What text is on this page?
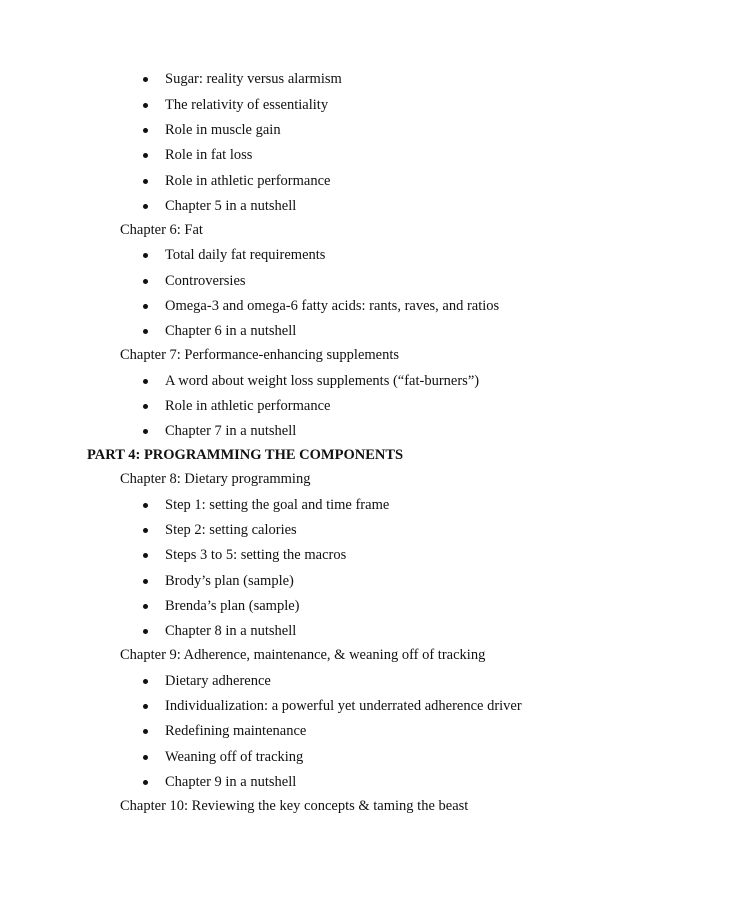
Sugar: reality versus alarmism
The relativity of essentiality
Role in muscle gain
Role in fat loss
Role in athletic performance
Chapter 5 in a nutshell
Chapter 6: Fat
Total daily fat requirements
Controversies
Omega-3 and omega-6 fatty acids: rants, raves, and ratios
Chapter 6 in a nutshell
Chapter 7: Performance-enhancing supplements
A word about weight loss supplements (“fat-burners”)
Role in athletic performance
Chapter 7 in a nutshell
PART 4: PROGRAMMING THE COMPONENTS
Chapter 8: Dietary programming
Step 1: setting the goal and time frame
Step 2: setting calories
Steps 3 to 5: setting the macros
Brody’s plan (sample)
Brenda’s plan (sample)
Chapter 8 in a nutshell
Chapter 9: Adherence, maintenance, & weaning off of tracking
Dietary adherence
Individualization: a powerful yet underrated adherence driver
Redefining maintenance
Weaning off of tracking
Chapter 9 in a nutshell
Chapter 10: Reviewing the key concepts & taming the beast
